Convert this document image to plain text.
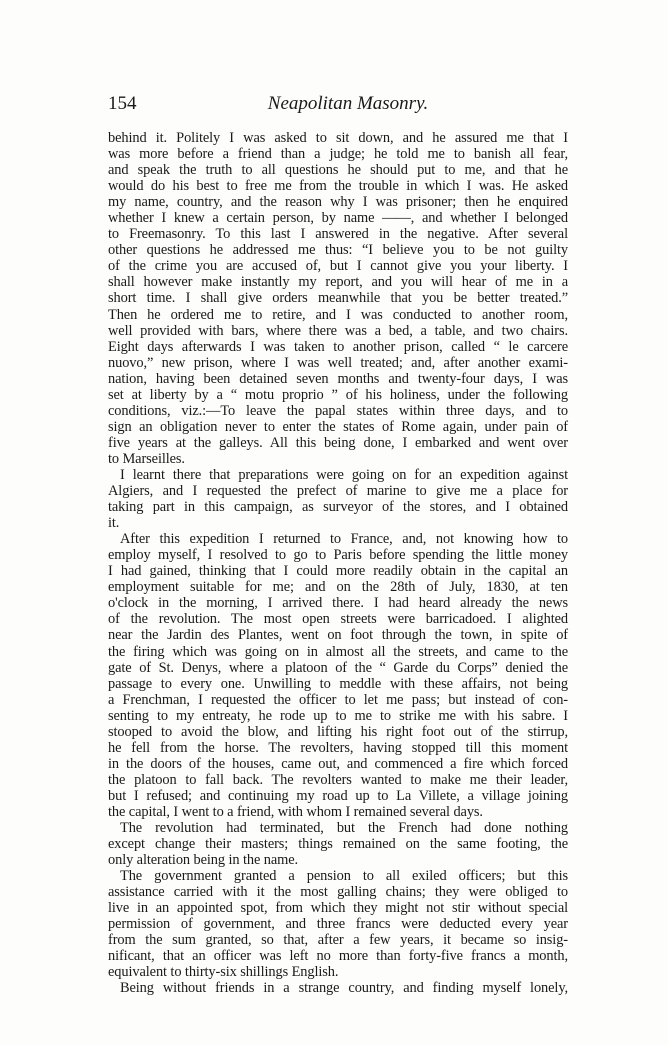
154	Neapolitan Masonry.
behind it. Politely I was asked to sit down, and he assured me that I
was more before a friend than a judge; he told me to banish all fear,
and speak the truth to all questions he should put to me, and that he
would do his best to free me from the trouble in which I was. He asked
my name, country, and the reason why I was prisoner; then he enquired
whether I knew a certain person, by name ——, and whether I belonged
to Freemasonry. To this last I answered in the negative. After several
other questions he addressed me thus: “I believe you to be not guilty
of the crime you are accused of, but I cannot give you your liberty. I
shall however make instantly my report, and you will hear of me in a
short time. I shall give orders meanwhile that you be better treated.”
Then he ordered me to retire, and I was conducted to another room,
well provided with bars, where there was a bed, a table, and two chairs.
Eight days afterwards I was taken to another prison, called “ le carcere
nuovo,” new prison, where I was well treated; and, after another exami-
nation, having been detained seven months and twenty-four days, I was
set at liberty by a “ motu proprio ” of his holiness, under the following
conditions, viz.:—To leave the papal states within three days, and to
sign an obligation never to enter the states of Rome again, under pain of
five years at the galleys. All this being done, I embarked and went over
to Marseilles.
I learnt there that preparations were going on for an expedition against
Algiers, and I requested the prefect of marine to give me a place for
taking part in this campaign, as surveyor of the stores, and I obtained
it.
After this expedition I returned to France, and, not knowing how to
employ myself, I resolved to go to Paris before spending the little money
I had gained, thinking that I could more readily obtain in the capital an
employment suitable for me; and on the 28th of July, 1830, at ten
o'clock in the morning, I arrived there. I had heard already the news
of the revolution. The most open streets were barricadoed. I alighted
near the Jardin des Plantes, went on foot through the town, in spite of
the firing which was going on in almost all the streets, and came to the
gate of St. Denys, where a platoon of the “ Garde du Corps” denied the
passage to every one. Unwilling to meddle with these affairs, not being
a Frenchman, I requested the officer to let me pass; but instead of con-
senting to my entreaty, he rode up to me to strike me with his sabre. I
stooped to avoid the blow, and lifting his right foot out of the stirrup,
he fell from the horse. The revolters, having stopped till this moment
in the doors of the houses, came out, and commenced a fire which forced
the platoon to fall back. The revolters wanted to make me their leader,
but I refused; and continuing my road up to La Villete, a village joining
the capital, I went to a friend, with whom I remained several days.
The revolution had terminated, but the French had done nothing
except change their masters; things remained on the same footing, the
only alteration being in the name.
The government granted a pension to all exiled officers; but this
assistance carried with it the most galling chains; they were obliged to
live in an appointed spot, from which they might not stir without special
permission of government, and three francs were deducted every year
from the sum granted, so that, after a few years, it became so insig-
nificant, that an officer was left no more than forty-five francs a month,
equivalent to thirty-six shillings English.
Being without friends in a strange country, and finding myself lonely,
